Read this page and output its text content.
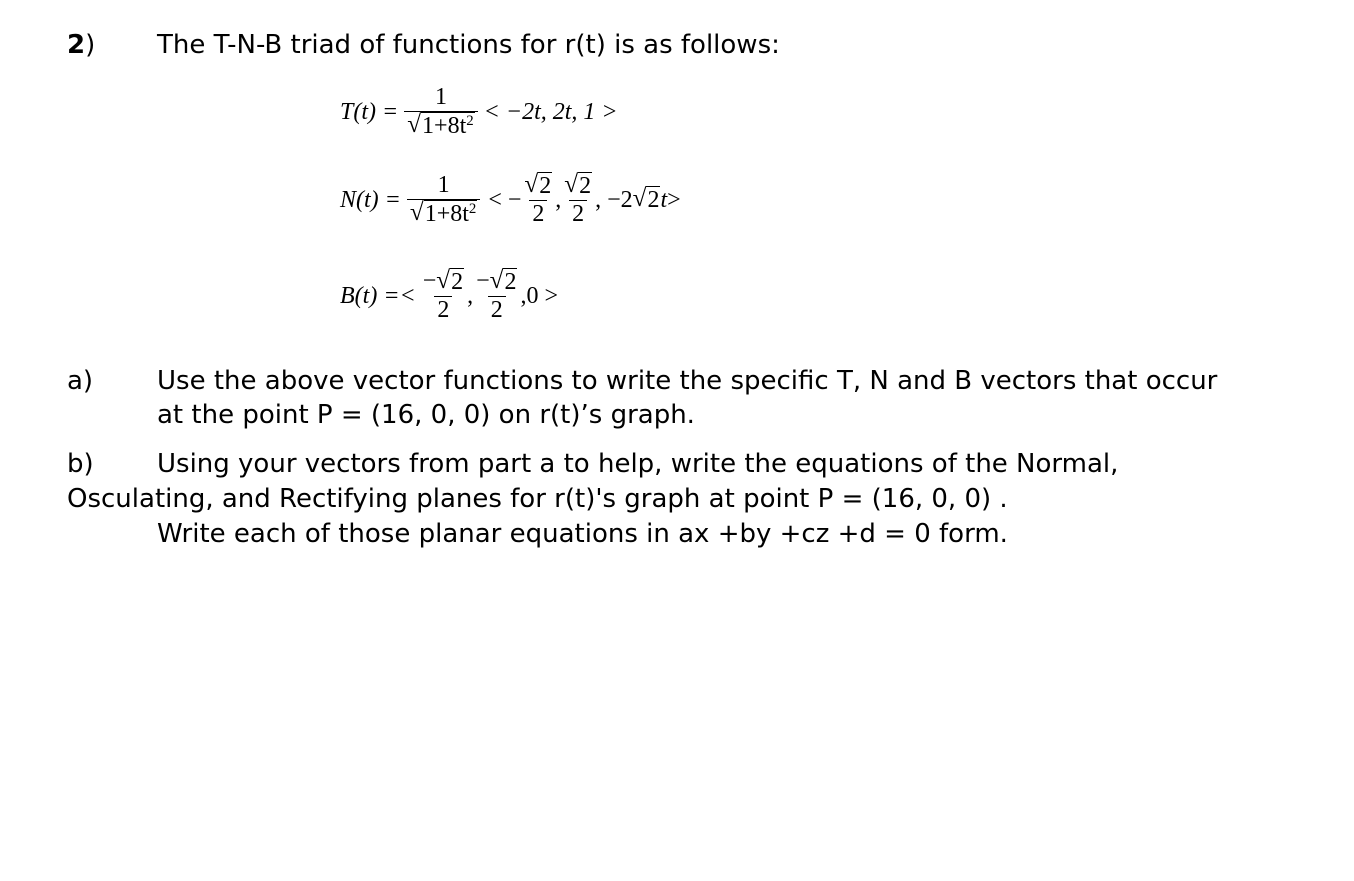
2) The T-N-B triad of functions for r(t) is as follows:
$T(t) = \frac{1}{√ 1+8t^2} < -2t$, 2t, 1 >
$N(t) = \frac{1}{√ 1+8t^2}$ < − $\frac{√ 2}{2}$ , $\frac{√ 2}{2}$ , −2 √ 2 t >
$B(t) =< \frac{- √ 2}{2}$ , $\frac{- √ 2}{2} ,0$ >
a) Use the above vector functions to write the specific T, N and B vectors that occur
at the point P = (16, 0, 0) on r(t)’s graph.
b) Using your vectors from part a to help, write the equations of the Normal,
Osculating, and Rectifying planes for r(t)'s graph at point P = (16, 0, 0) .
Write each of those planar equations in ax +by +cz +d = 0 form.
